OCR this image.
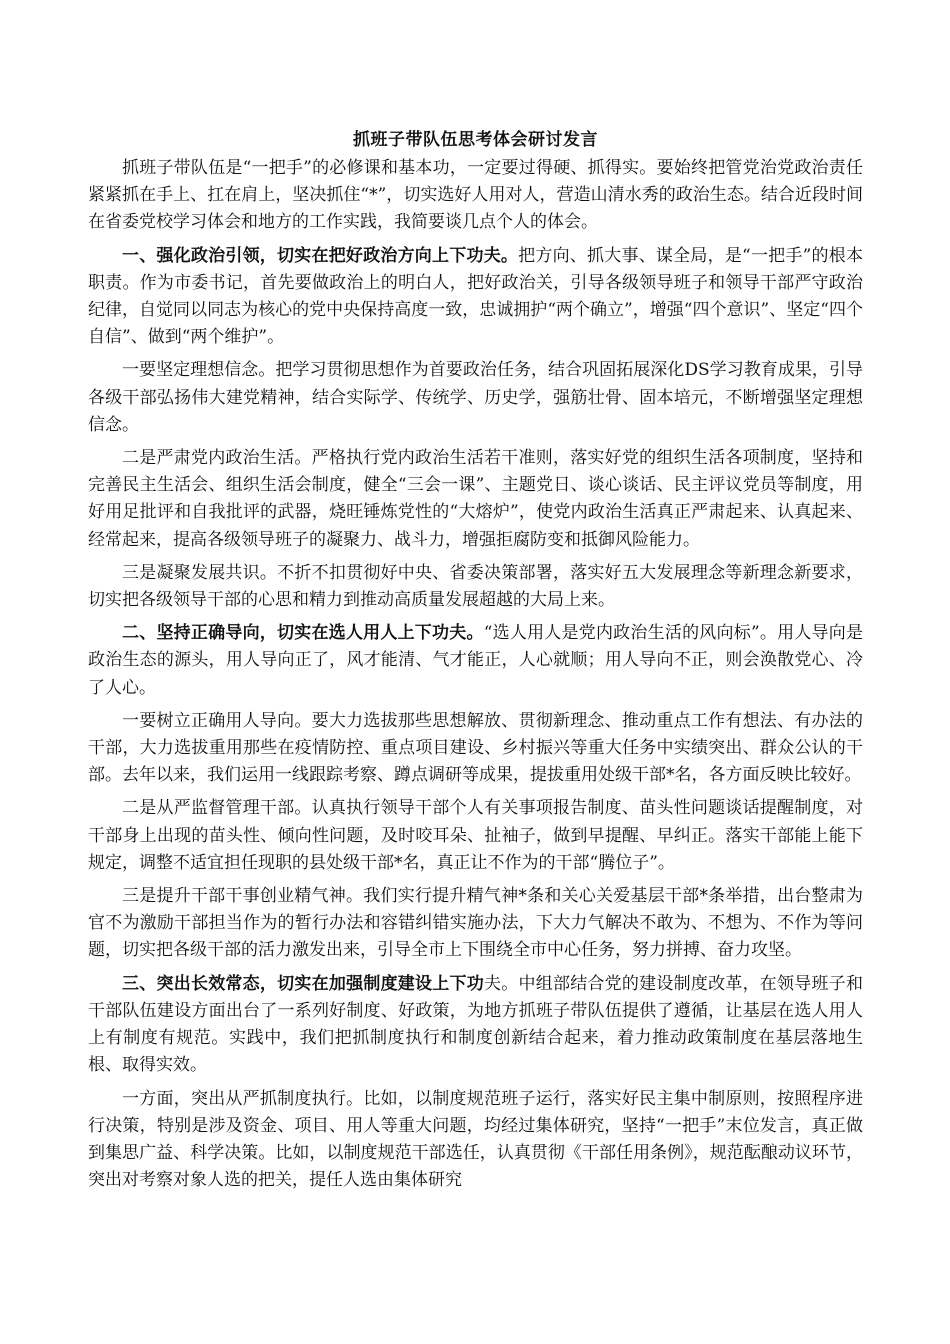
抓班子带队伍思考体会研讨发言

抓班子带队伍是“一把手”的必修课和基本功，一定要过得硬、抓得实。要始终把管党治党政治责任紧紧抓在手上、扛在肩上，坚决抓住“*”，切实选好人用对人，营造山清水秀的政治生态。结合近段时间在省委党校学习体会和地方的工作实践，我简要谈几点个人的体会。

一、强化政治引领，切实在把好政治方向上下功夫。把方向、抓大事、谋全局，是“一把手”的根本职责。作为市委书记，首先要做政治上的明白人，把好政治关，引导各级领导班子和领导干部严守政治纪律，自觉同以同志为核心的党中央保持高度一致，忠诚拥护“两个确立”，增强“四个意识”、坚定“四个自信”、做到“两个维护”。

一要坚定理想信念。把学习贯彻思想作为首要政治任务，结合巩固拓展深化DS学习教育成果，引导各级干部弘扬伟大建党精神，结合实际学、传统学、历史学，强筋壮骨、固本培元，不断增强坚定理想信念。

二是严肃党内政治生活。严格执行党内政治生活若干准则，落实好党的组织生活各项制度，坚持和完善民主生活会、组织生活会制度，健全“三会一课”、主题党日、谈心谈话、民主评议党员等制度，用好用足批评和自我批评的武器，烧旺锤炼党性的“大熔炉”，使党内政治生活真正严肃起来、认真起来、经常起来，提高各级领导班子的凝聚力、战斗力，增强拒腐防变和抵御风险能力。

三是凝聚发展共识。不折不扣贯彻好中央、省委决策部署，落实好五大发展理念等新理念新要求，切实把各级领导干部的心思和精力到推动高质量发展超越的大局上来。

二、坚持正确导向，切实在选人用人上下功夫。“选人用人是党内政治生活的风向标”。用人导向是政治生态的源头，用人导向正了，风才能清、气才能正，人心就顺；用人导向不正，则会涣散党心、冷了人心。

一要树立正确用人导向。要大力选拔那些思想解放、贯彻新理念、推动重点工作有想法、有办法的干部，大力选拔重用那些在疫情防控、重点项目建设、乡村振兴等重大任务中实绩突出、群众公认的干部。去年以来，我们运用一线跟踪考察、蹲点调研等成果，提拔重用处级干部*名，各方面反映比较好。

二是从严监督管理干部。认真执行领导干部个人有关事项报告制度、苗头性问题谈话提醒制度，对干部身上出现的苗头性、倾向性问题，及时咬耳朵、扯袖子，做到早提醒、早纠正。落实干部能上能下规定，调整不适宜担任现职的县处级干部*名，真正让不作为的干部“腾位子”。

三是提升干部干事创业精气神。我们实行提升精气神*条和关心关爱基层干部*条举措，出台整肃为官不为激励干部担当作为的暂行办法和容错纠错实施办法，下大力气解决不敢为、不想为、不作为等问题，切实把各级干部的活力激发出来，引导全市上下围绕全市中心任务，努力拼搏、奋力攻坚。

三、突出长效常态，切实在加强制度建设上下功夫。中组部结合党的建设制度改革，在领导班子和干部队伍建设方面出台了一系列好制度、好政策，为地方抓班子带队伍提供了遵循，让基层在选人用人上有制度有规范。实践中，我们把抓制度执行和制度创新结合起来，着力推动政策制度在基层落地生根、取得实效。

一方面，突出从严抓制度执行。比如，以制度规范班子运行，落实好民主集中制原则，按照程序进行决策，特别是涉及资金、项目、用人等重大问题，均经过集体研究，坚持“一把手”末位发言，真正做到集思广益、科学决策。比如，以制度规范干部选任，认真贯彻《干部任用条例》，规范酝酿动议环节，突出对考察对象人选的把关，提任人选由集体研究
